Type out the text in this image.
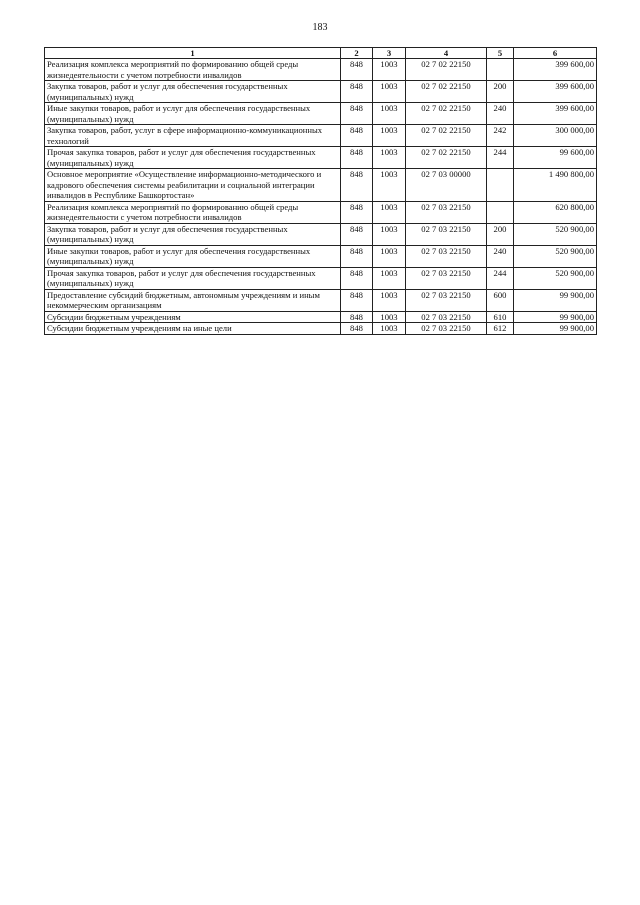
183
1	2	3	4	5	6
Реализация комплекса мероприятий по формированию общей среды жизнедеятельности с учетом потребности инвалидов	848	1003	02 7 02 22150		399 600,00
Закупка товаров, работ и услуг для обеспечения государственных (муниципальных) нужд	848	1003	02 7 02 22150	200	399 600,00
Иные закупки товаров, работ и услуг для обеспечения государственных (муниципальных) нужд	848	1003	02 7 02 22150	240	399 600,00
Закупка товаров, работ, услуг в сфере информационно-коммуникационных технологий	848	1003	02 7 02 22150	242	300 000,00
Прочая закупка товаров, работ и услуг для обеспечения государственных (муниципальных) нужд	848	1003	02 7 02 22150	244	99 600,00
Основное мероприятие «Осуществление информационно-методического и кадрового обеспечения системы реабилитации и социальной интеграции инвалидов в Республике Башкортостан»	848	1003	02 7 03 00000		1 490 800,00
Реализация комплекса мероприятий по формированию общей среды жизнедеятельности с учетом потребности инвалидов	848	1003	02 7 03 22150		620 800,00
Закупка товаров, работ и услуг для обеспечения государственных (муниципальных) нужд	848	1003	02 7 03 22150	200	520 900,00
Иные закупки товаров, работ и услуг для обеспечения государственных (муниципальных) нужд	848	1003	02 7 03 22150	240	520 900,00
Прочая закупка товаров, работ и услуг для обеспечения государственных (муниципальных) нужд	848	1003	02 7 03 22150	244	520 900,00
Предоставление субсидий бюджетным, автономным учреждениям и иным некоммерческим организациям	848	1003	02 7 03 22150	600	99 900,00
Субсидии бюджетным учреждениям	848	1003	02 7 03 22150	610	99 900,00
Субсидии бюджетным учреждениям на иные цели	848	1003	02 7 03 22150	612	99 900,00
